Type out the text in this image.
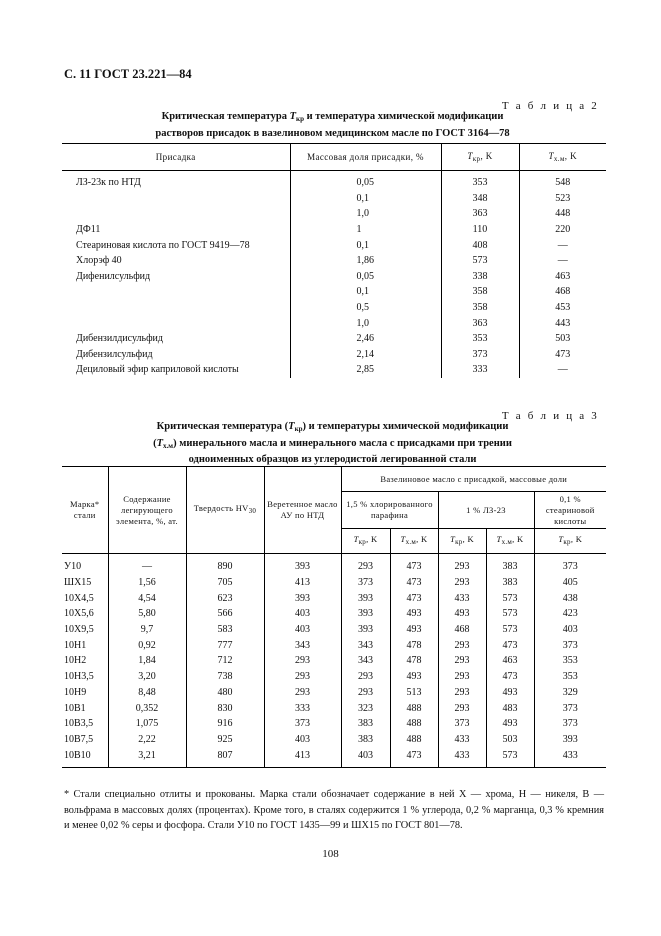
С. 11 ГОСТ 23.221—84
Т а б л и ц а 2
Критическая температура $T_{кр}$ и температура химической модификации
растворов присадок в вазелиновом медицинском масле по ГОСТ 3164—78
Присадка	Массовая доля присадки, %	$T_{кр}$, K	$T_{х.м}$, K
ЛЗ-23к по НТД	0,05	353	548
	0,1	348	523
	1,0	363	448
ДФ11	1	110	220
Стеариновая кислота по ГОСТ 9419—78	0,1	408	—
Хлорэф 40	1,86	573	—
Дифенилсульфид	0,05	338	463
	0,1	358	468
	0,5	358	453
	1,0	363	443
Дибензилдисульфид	2,46	353	503
Дибензилсульфид	2,14	373	473
Дециловый эфир каприловой кислоты	2,85	333	—
Т а б л и ц а 3
Критическая температура $(T_{кр})$ и температуры химической модификации
$(T_{х.м})$ минерального масла и минерального масла с присадками при трении
одноименных образцов из углеродистой легированной стали
Марка* стали	Содержание легирующего элемента, %, ат.	Твердость $HV_{30}$	Веретенное масло АУ по НТД	Вазелиновое масло с присадкой, массовые доли				
				1,5 % хлорированного парафина		1 % ЛЗ-23		0,1 % стеариновой кислоты
				$T_{кр}$, K	$T_{х.м}$, K	$T_{кр}$, K	$T_{х.м}$, K	$T_{кр}$, K
У10	—	890	393	293	473	293	383	373
ШХ15	1,56	705	413	373	473	293	383	405
10Х4,5	4,54	623	393	393	473	433	573	438
10Х5,6	5,80	566	403	393	493	493	573	423
10Х9,5	9,7	583	403	393	493	468	573	403
10Н1	0,92	777	343	343	478	293	473	373
10Н2	1,84	712	293	343	478	293	463	353
10Н3,5	3,20	738	293	293	493	293	473	353
10Н9	8,48	480	293	293	513	293	493	329
10В1	0,352	830	333	323	488	293	483	373
10В3,5	1,075	916	373	383	488	373	493	373
10В7,5	2,22	925	403	383	488	433	503	393
10В10	3,21	807	413	403	473	433	573	433
* Стали специально отлиты и прокованы. Марка стали обозначает содержание в ней Х — хрома, Н — никеля, В — вольфрама в массовых долях (процентах). Кроме того, в сталях содержится 1 % углерода, 0,2 % марганца, 0,3 % кремния и менее 0,02 % серы и фосфора. Стали У10 по ГОСТ 1435—99 и ШХ15 по ГОСТ 801—78.
108
